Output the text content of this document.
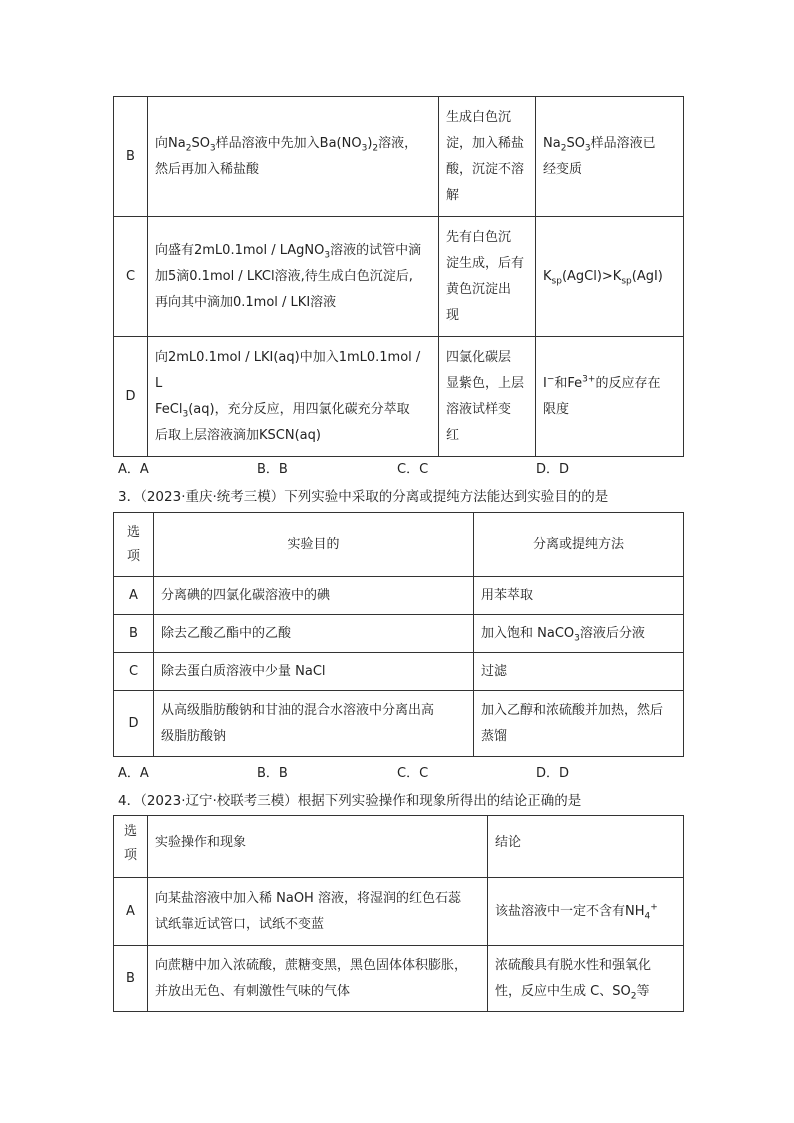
B	向$Na_2SO_3$样品溶液中先加入$Ba(NO_3)_2$溶液，
然后再加入稀盐酸	生成白色沉
淀，加入稀盐
酸，沉淀不溶
解	$Na_2SO_3$样品溶液已
经变质
C	向盛有2mL0.1mol / LAgNO$_3$溶液的试管中滴
加5滴0.1mol / LKCl溶液,待生成白色沉淀后,
再向其中滴加0.1mol / LKI溶液	先有白色沉
淀生成，后有
黄色沉淀出
现	$K_{sp}(AgCl)>K_{sp}(AgI)$
D	向2mL0.1mol / LKI(aq)中加入1mL0.1mol / L
FeCl$_3$(aq)，充分反应，用四氯化碳充分萃取
后取上层溶液滴加KSCN(aq)	四氯化碳层
显紫色，上层
溶液试样变
红	I−和$Fe^{3+}$的反应存在
限度
A．A	B．B	C．C	D．D
3．（2023·重庆·统考三模）下列实验中采取的分离或提纯方法能达到实验目的的是
选
项	实验目的	分离或提纯方法
A	分离碘的四氯化碳溶液中的碘	用苯萃取
B	除去乙酸乙酯中的乙酸	加入饱和 NaCO$_3$溶液后分液
C	除去蛋白质溶液中少量 NaCl	过滤
D	从高级脂肪酸钠和甘油的混合水溶液中分离出高
级脂肪酸钠	加入乙醇和浓硫酸并加热，然后
蒸馏
A．A	B．B	C．C	D．D
4．（2023·辽宁·校联考三模）根据下列实验操作和现象所得出的结论正确的是
选
项	实验操作和现象	结论
A	向某盐溶液中加入稀 NaOH 溶液，将湿润的红色石蕊
试纸靠近试管口，试纸不变蓝	该盐溶液中一定不含有$NH_4^+$
B	向蔗糖中加入浓硫酸，蔗糖变黑，黑色固体体积膨胀，
并放出无色、有刺激性气味的气体	浓硫酸具有脱水性和强氧化
性，反应中生成 C、$SO_2$等
